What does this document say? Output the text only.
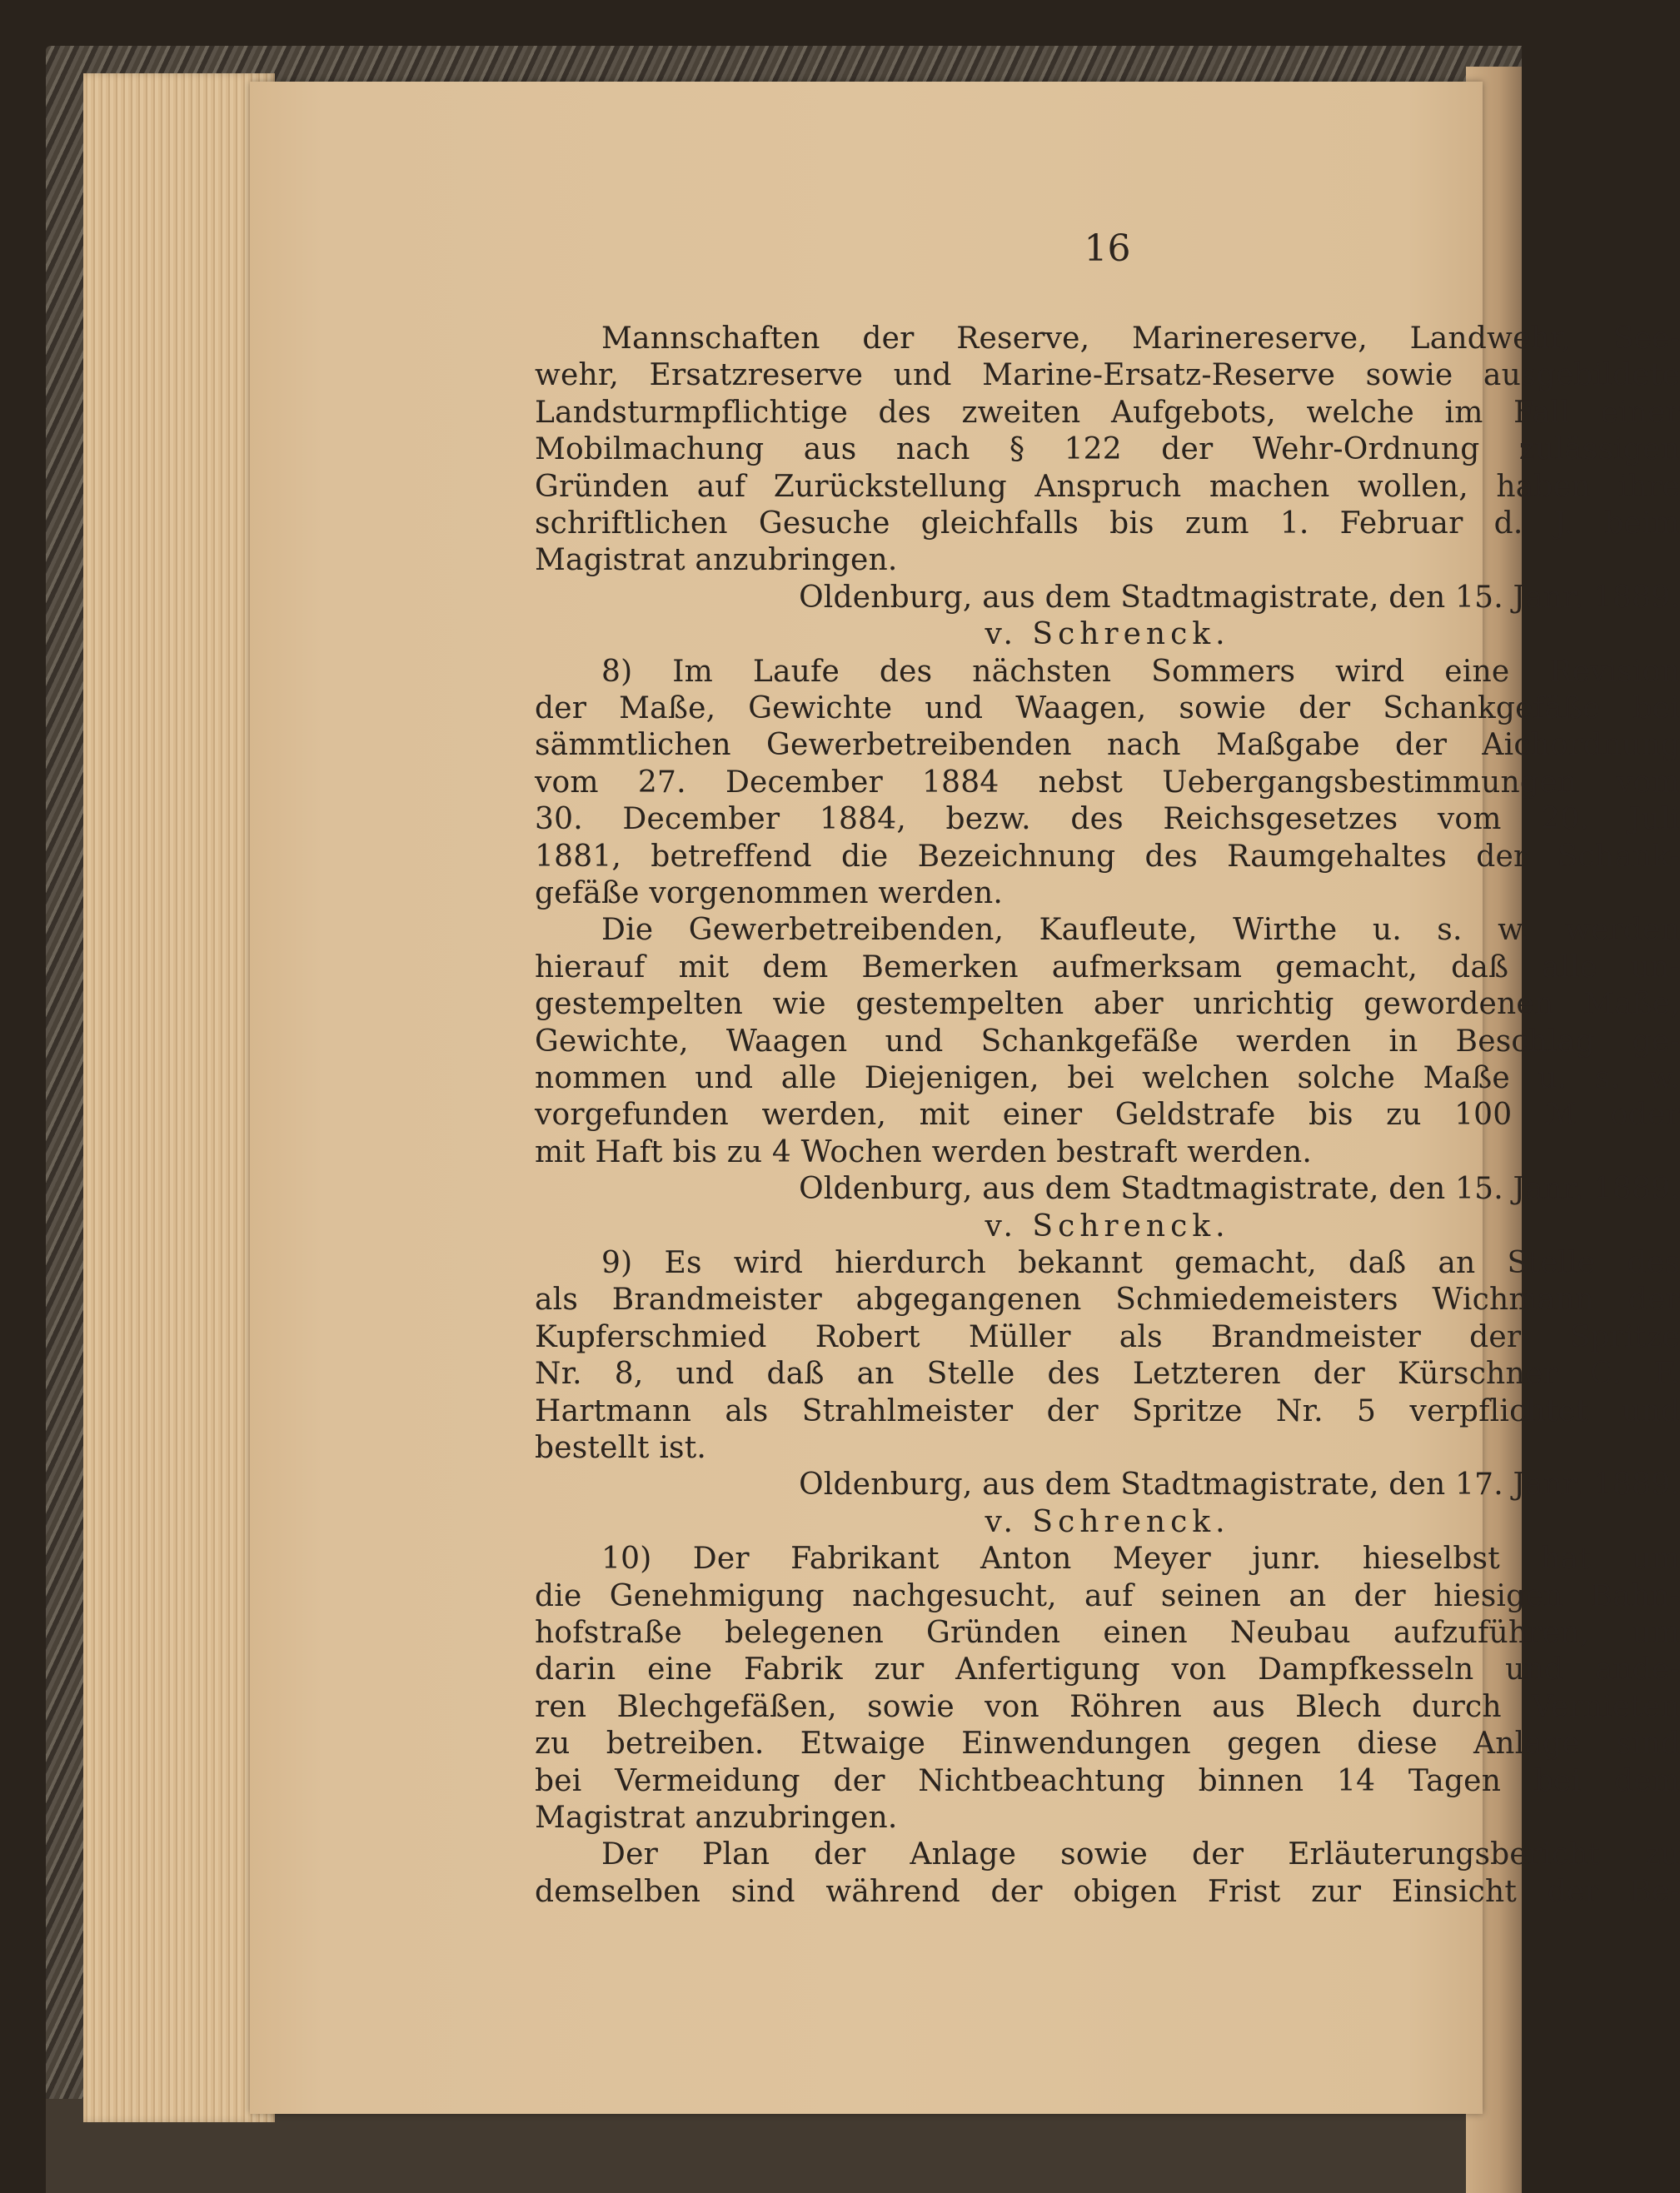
16
Mannschaften der Reserve, Marinereserve, Landwehr, See-
wehr, Ersatzreserve und Marine-Ersatz-Reserve sowie ausgebildete
Landsturmpflichtige des zweiten Aufgebots, welche im Fall einer
Mobilmachung aus nach § 122 der Wehr-Ordnung zulässigen
Gründen auf Zurückstellung Anspruch machen wollen, haben ihre
schriftlichen Gesuche gleichfalls bis zum 1. Februar d. J. beim
Magistrat anzubringen.
Oldenburg, aus dem Stadtmagistrate, den 15. Janr. 1889.
v. Schrenck.
8) Im Laufe des nächsten Sommers wird eine Revision
der Maße, Gewichte und Waagen, sowie der Schankgefäße bei
sämmtlichen Gewerbetreibenden nach Maßgabe der Aichordnung
vom 27. December 1884 nebst Uebergangsbestimmungen vom
30. December 1884, bezw. des Reichsgesetzes vom 20. Juli
1881, betreffend die Bezeichnung des Raumgehaltes der Schank-
gefäße vorgenommen werden.
Die Gewerbetreibenden, Kaufleute, Wirthe u. s. w. werden
hierauf mit dem Bemerken aufmerksam gemacht, daß alle un-
gestempelten wie gestempelten aber unrichtig gewordenen Maße,
Gewichte, Waagen und Schankgefäße werden in Beschlag ge-
nommen und alle Diejenigen, bei welchen solche Maße u. s. w.
vorgefunden werden, mit einer Geldstrafe bis zu 100 ℳ oder
mit Haft bis zu 4 Wochen werden bestraft werden.
Oldenburg, aus dem Stadtmagistrate, den 15. Janr. 1889.
v. Schrenck.
9) Es wird hierdurch bekannt gemacht, daß an Stelle des
als Brandmeister abgegangenen Schmiedemeisters Wichmann der
Kupferschmied Robert Müller als Brandmeister der Spritze
Nr. 8, und daß an Stelle des Letzteren der Kürschner C. F.
Hartmann als Strahlmeister der Spritze Nr. 5 verpflichtet und
bestellt ist.
Oldenburg, aus dem Stadtmagistrate, den 17. Janr. 1889.
v. Schrenck.
10) Der Fabrikant Anton Meyer junr. hieselbst hat um
die Genehmigung nachgesucht, auf seinen an der hiesigen Bahn-
hofstraße belegenen Gründen einen Neubau aufzuführen, um
darin eine Fabrik zur Anfertigung von Dampfkesseln und ande-
ren Blechgefäßen, sowie von Röhren aus Blech durch Vernieten
zu betreiben. Etwaige Einwendungen gegen diese Anlage sind
bei Vermeidung der Nichtbeachtung binnen 14 Tagen bei dem
Magistrat anzubringen.
Der Plan der Anlage sowie der Erläuterungsbericht zu
demselben sind während der obigen Frist zur Einsicht der Be-
